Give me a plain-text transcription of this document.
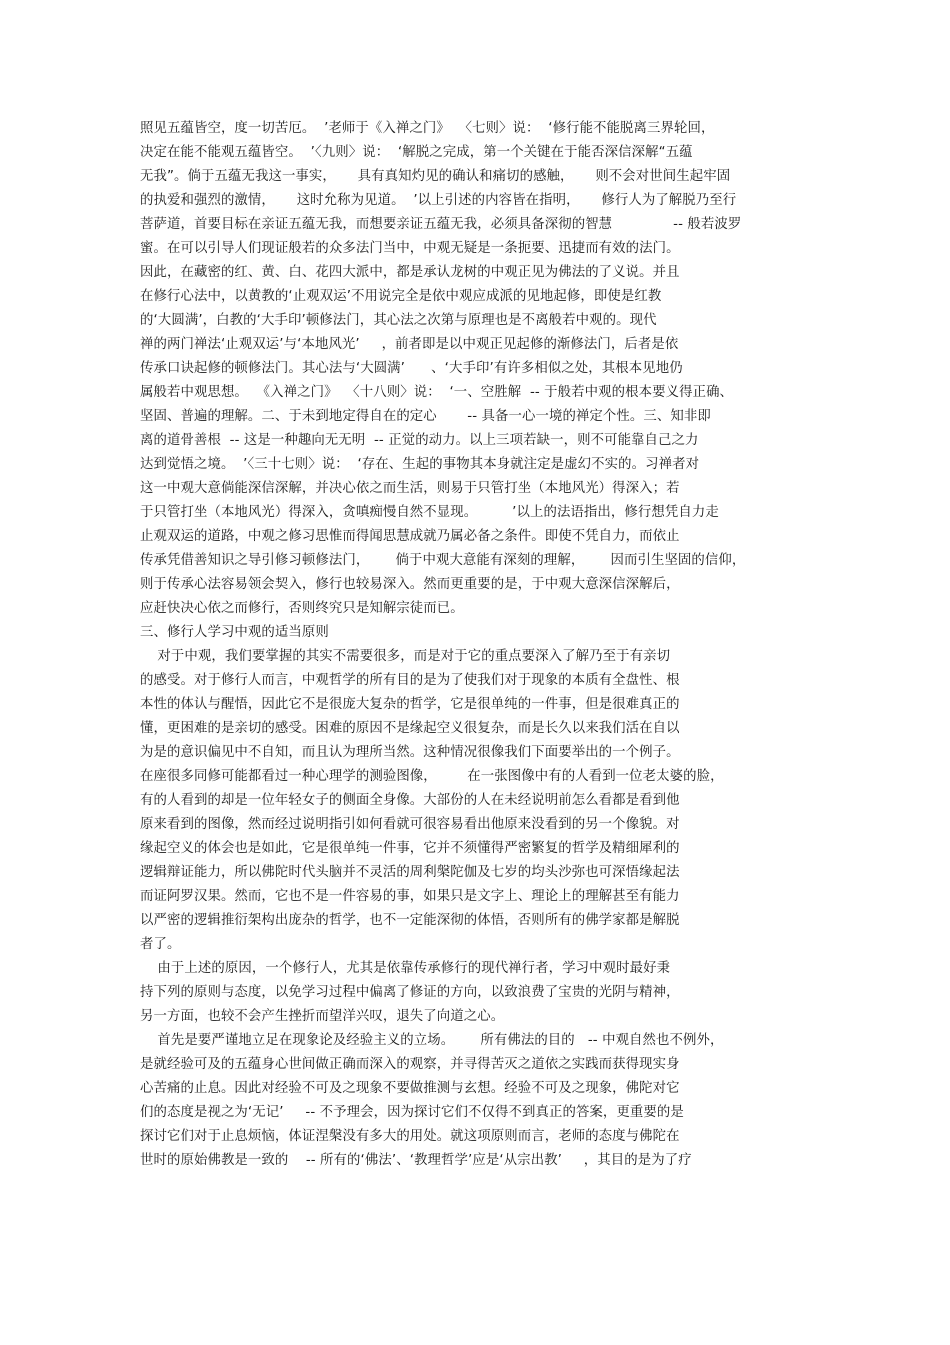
照见五蕴皆空，度一切苦厄。  ’老师于《入禅之门》  〈七则〉说：  ‘修行能不能脱离三界轮回，
决定在能不能观五蕴皆空。  ’〈九则〉说：  ‘解脱之完成，第一个关键在于能否深信深解“五蕴
无我”。倘于五蕴无我这一事实，     具有真知灼见的确认和痛切的感触，     则不会对世间生起牢固
的执爱和强烈的激情，     这时允称为见道。  ’以上引述的内容皆在指明，     修行人为了解脱乃至行
菩萨道，首要目标在亲证五蕴无我，而想要亲证五蕴无我，必须具备深彻的智慧              -- 般若波罗
蜜。在可以引导人们现证般若的众多法门当中，中观无疑是一条扼要、迅捷而有效的法门。
因此，在藏密的红、黄、白、花四大派中，都是承认龙树的中观正见为佛法的了义说。并且
在修行心法中，以黄教的‘止观双运’不用说完全是依中观应成派的见地起修，即使是红教
的‘大圆满’，白教的‘大手印’顿修法门，其心法之次第与原理也是不离般若中观的。现代
禅的两门禅法‘止观双运’与‘本地风光’     ，前者即是以中观正见起修的渐修法门，后者是依
传承口诀起修的顿修法门。其心法与‘大圆满’      、‘大手印’有许多相似之处，其根本见地仍
属般若中观思想。  《入禅之门》  〈十八则〉说：  ‘一、空胜解  -- 于般若中观的根本要义得正确、
坚固、普遍的理解。二、于未到地定得自在的定心       -- 具备一心一境的禅定个性。三、知非即
离的道骨善根  -- 这是一种趣向无无明  -- 正觉的动力。以上三项若缺一，则不可能靠自己之力
达到觉悟之境。  ’〈三十七则〉说：  ‘存在、生起的事物其本身就注定是虚幻不实的。习禅者对
这一中观大意倘能深信深解，并决心依之而生活，则易于只管打坐（本地风光）得深入；若
于只管打坐（本地风光）得深入，贪嗔痴慢自然不显现。        ’以上的法语指出，修行想凭自力走
止观双运的道路，中观之修习思惟而得闻思慧成就乃属必备之条件。即使不凭自力，而依止
传承凭借善知识之导引修习顿修法门，      倘于中观大意能有深刻的理解，      因而引生坚固的信仰，
则于传承心法容易领会契入，修行也较易深入。然而更重要的是，于中观大意深信深解后，
应赶快决心依之而修行，否则终究只是知解宗徒而已。
三、修行人学习中观的适当原则
对于中观，我们要掌握的其实不需要很多，而是对于它的重点要深入了解乃至于有亲切
的感受。对于修行人而言，中观哲学的所有目的是为了使我们对于现象的本质有全盘性、根
本性的体认与醒悟，因此它不是很庞大复杂的哲学，它是很单纯的一件事，但是很难真正的
懂，更困难的是亲切的感受。困难的原因不是缘起空义很复杂，而是长久以来我们活在自以
为是的意识偏见中不自知，而且认为理所当然。这种情况很像我们下面要举出的一个例子。
在座很多同修可能都看过一种心理学的测验图像，       在一张图像中有的人看到一位老太婆的脸，
有的人看到的却是一位年轻女子的侧面全身像。大部份的人在未经说明前怎么看都是看到他
原来看到的图像，然而经过说明指引如何看就可很容易看出他原来没看到的另一个像貌。对
缘起空义的体会也是如此，它是很单纯一件事，它并不须懂得严密繁复的哲学及精细犀利的
逻辑辩证能力，所以佛陀时代头脑并不灵活的周利槃陀伽及七岁的均头沙弥也可深悟缘起法
而证阿罗汉果。然而，它也不是一件容易的事，如果只是文字上、理论上的理解甚至有能力
以严密的逻辑推衍架构出庞杂的哲学，也不一定能深彻的体悟，否则所有的佛学家都是解脱
者了。
由于上述的原因，一个修行人，尤其是依靠传承修行的现代禅行者，学习中观时最好秉
持下列的原则与态度，以免学习过程中偏离了修证的方向，以致浪费了宝贵的光阴与精神，
另一方面，也较不会产生挫折而望洋兴叹，退失了向道之心。
首先是要严谨地立足在现象论及经验主义的立场。      所有佛法的目的   -- 中观自然也不例外，
是就经验可及的五蕴身心世间做正确而深入的观察，并寻得苦灭之道依之实践而获得现实身
心苦痛的止息。因此对经验不可及之现象不要做推测与玄想。经验不可及之现象，佛陀对它
们的态度是视之为‘无记’     -- 不予理会，因为探讨它们不仅得不到真正的答案，更重要的是
探讨它们对于止息烦恼，体证涅槃没有多大的用处。就这项原则而言，老师的态度与佛陀在
世时的原始佛教是一致的    -- 所有的‘佛法’、‘教理哲学’应是‘从宗出教’     ，其目的是为了疗
